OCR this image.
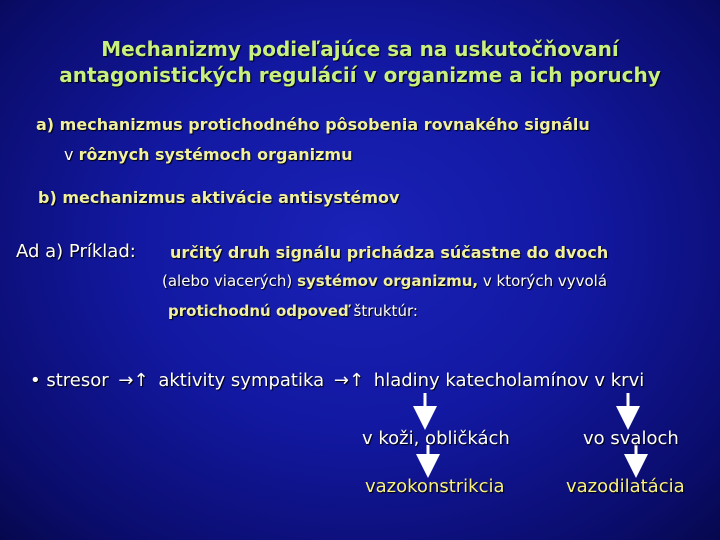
Mechanizmy podieľajúce sa na uskutočňovaní
antagonistických regulácií v organizme a ich poruchy
a) mechanizmus protichodného pôsobenia rovnakého signálu
v rôznych systémoch organizmu
b) mechanizmus aktivácie antisystémov
Ad a) Príklad: určitý druh signálu prichádza súčastne do dvoch
(alebo viacerých) systémov organizmu, v ktorých vyvolá
protichodnú odpoveď štruktúr:
• stresor →↑ aktivity sympatika →↑ hladiny katecholamínov v krvi
v koži, obličkách	vo svaloch
vazokonstrikcia	vazodilatácia
